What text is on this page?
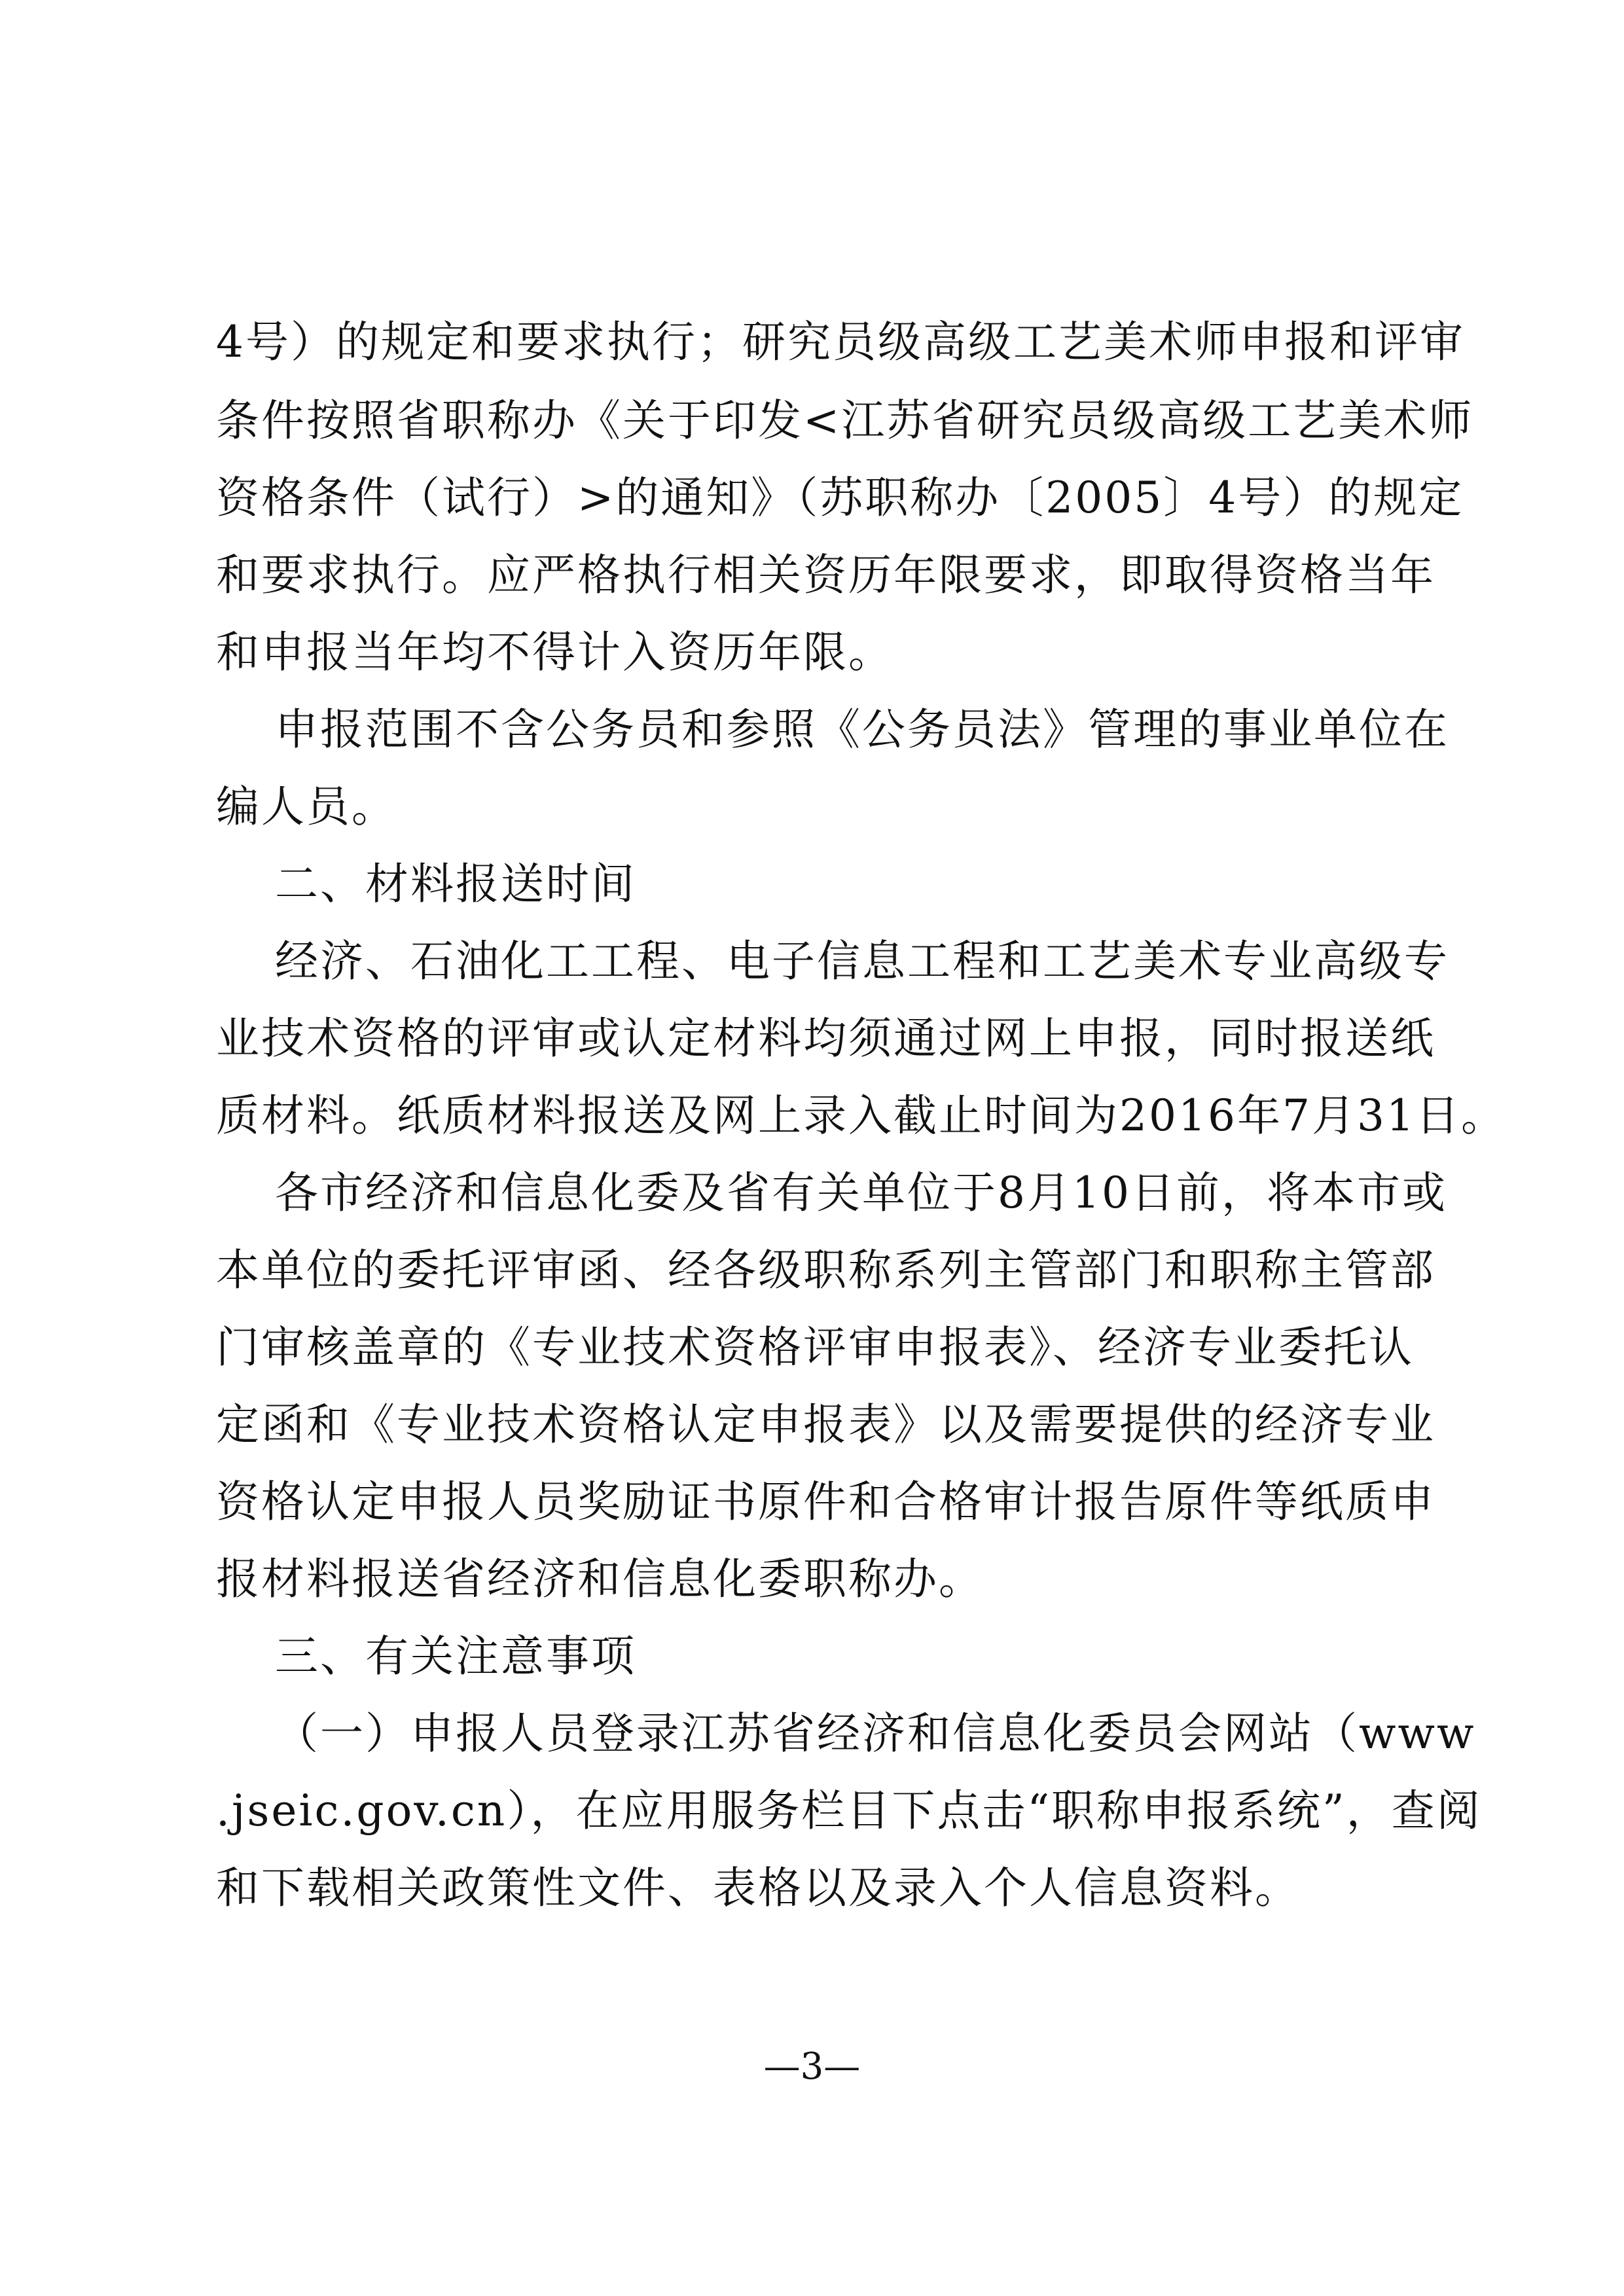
4号）的规定和要求执行；研究员级高级工艺美术师申报和评审
条件按照省职称办《关于印发<江苏省研究员级高级工艺美术师
资格条件（试行）>的通知》（苏职称办〔2005〕4号）的规定
和要求执行。应严格执行相关资历年限要求，即取得资格当年
和申报当年均不得计入资历年限。
申报范围不含公务员和参照《公务员法》管理的事业单位在
编人员。
二、材料报送时间
经济、石油化工工程、电子信息工程和工艺美术专业高级专
业技术资格的评审或认定材料均须通过网上申报，同时报送纸
质材料。纸质材料报送及网上录入截止时间为2016年7月31日。
各市经济和信息化委及省有关单位于8月10日前，将本市或
本单位的委托评审函、经各级职称系列主管部门和职称主管部
门审核盖章的《专业技术资格评审申报表》、经济专业委托认
定函和《专业技术资格认定申报表》以及需要提供的经济专业
资格认定申报人员奖励证书原件和合格审计报告原件等纸质申
报材料报送省经济和信息化委职称办。
三、有关注意事项
（一）申报人员登录江苏省经济和信息化委员会网站（www
.jseic.gov.cn），在应用服务栏目下点击“职称申报系统”，查阅
和下载相关政策性文件、表格以及录入个人信息资料。
—3—
